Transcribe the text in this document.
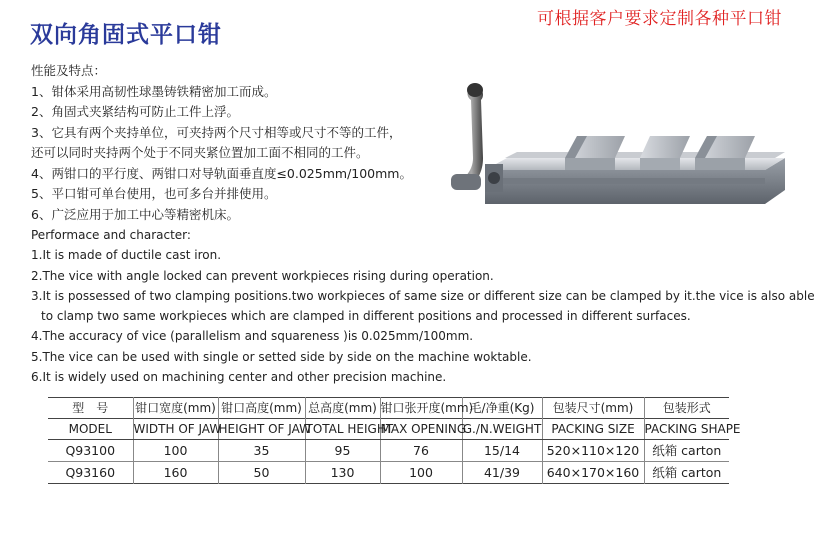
双向角固式平口钳
可根据客户要求定制各种平口钳
性能及特点：
1、钳体采用高韧性球墨铸铁精密加工而成。
2、角固式夹紧结构可防止工件上浮。
3、它具有两个夹持单位，可夹持两个尺寸相等或尺寸不等的工件，
还可以同时夹持两个处于不同夹紧位置加工面不相同的工件。
4、两钳口的平行度、两钳口对导轨面垂直度≤0.025mm/100mm。
5、平口钳可单台使用，也可多台并排使用。
6、广泛应用于加工中心等精密机床。
Performace and character:
1.It is made of ductile cast iron.
2.The vice with angle locked can prevent workpieces rising during operation.
3.It is possessed of two clamping positions.two workpieces of same size or different size can be clamped by it.the vice is also able
to clamp two same workpieces which are clamped in different positions and processed in different surfaces.
4.The accuracy of vice (parallelism and squareness )is 0.025mm/100mm.
5.The vice can be used with single or setted side by side on the machine woktable.
6.It is widely used on machining center and other precision machine.
型　号	钳口宽度(mm)	钳口高度(mm)	总高度(mm)	钳口张开度(mm)	毛/净重(Kg)	包装尺寸(mm)	包装形式
MODEL	WIDTH OF JAW	HEIGHT OF JAW	TOTAL HEIGHT	MAX OPENING	G./N.WEIGHT	PACKING SIZE	PACKING SHAPE
Q93100	100	35	95	76	15/14	520×110×120	纸箱 carton
Q93160	160	50	130	100	41/39	640×170×160	纸箱 carton
